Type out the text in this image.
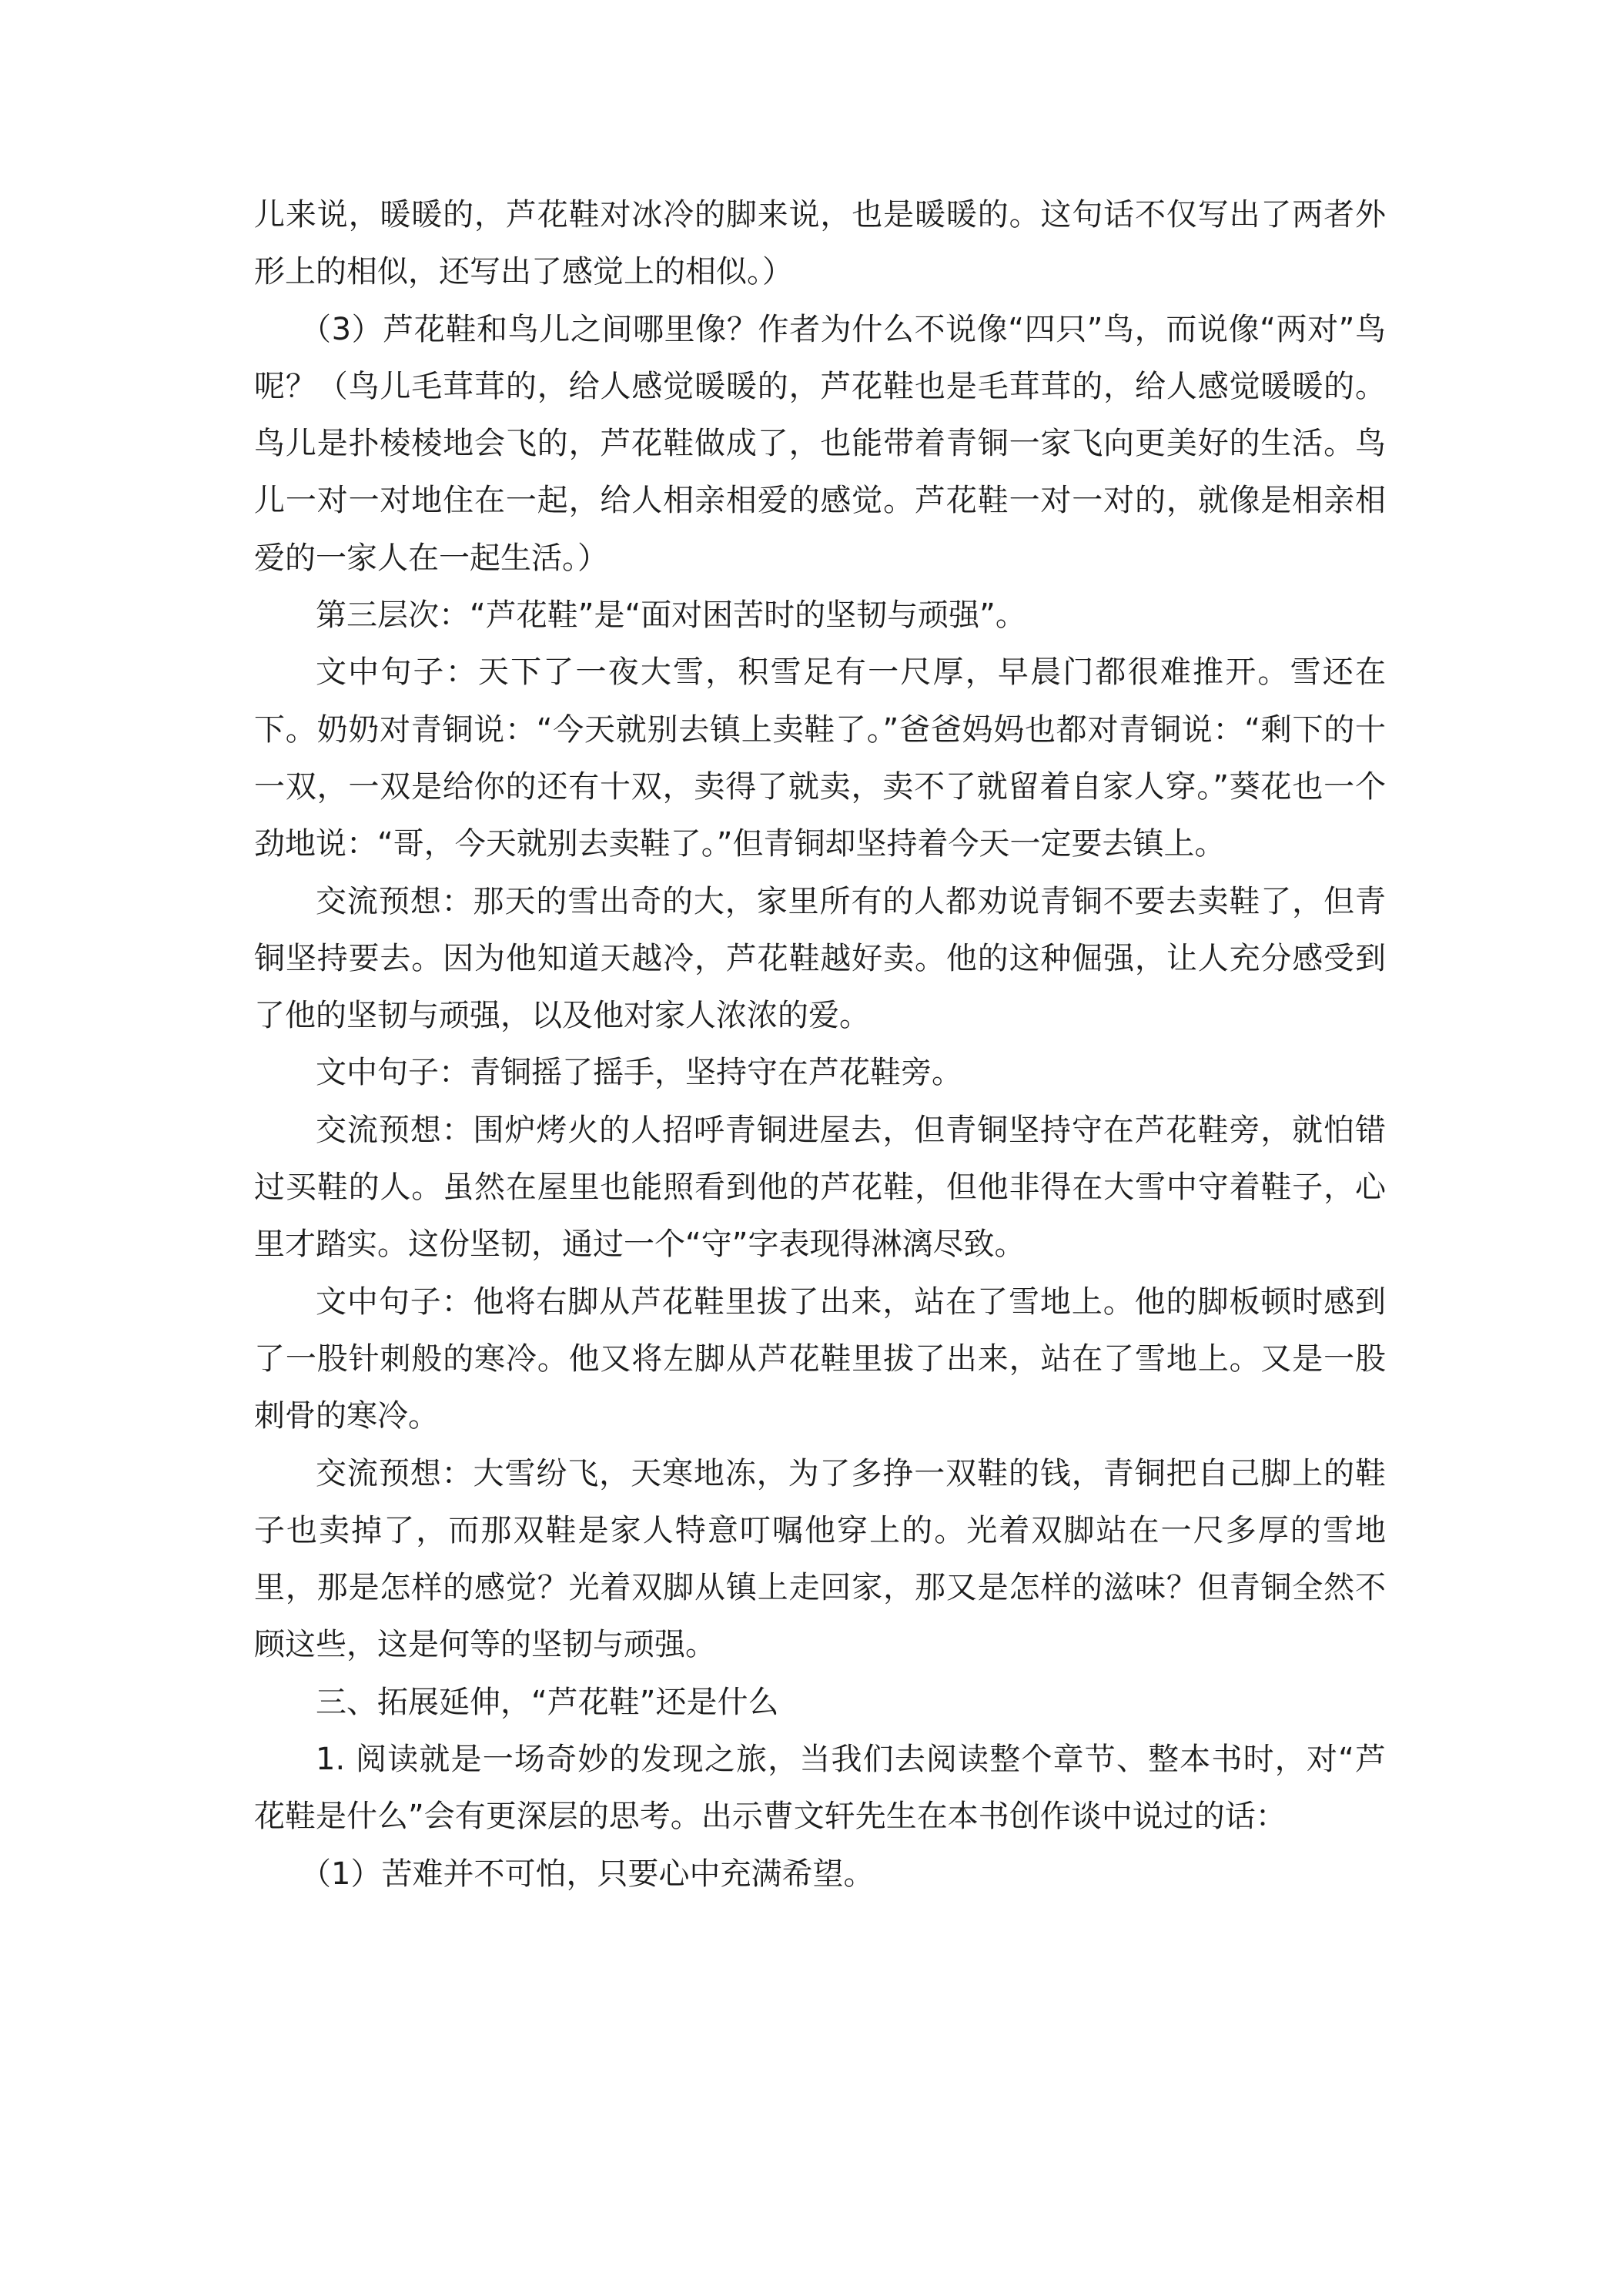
儿来说，暖暖的，芦花鞋对冰冷的脚来说，也是暖暖的。这句话不仅写出了两者外形上的相似，还写出了感觉上的相似。）

（3）芦花鞋和鸟儿之间哪里像？作者为什么不说像“四只”鸟，而说像“两对”鸟呢？（鸟儿毛茸茸的，给人感觉暖暖的，芦花鞋也是毛茸茸的，给人感觉暖暖的。鸟儿是扑棱棱地会飞的，芦花鞋做成了，也能带着青铜一家飞向更美好的生活。鸟儿一对一对地住在一起，给人相亲相爱的感觉。芦花鞋一对一对的，就像是相亲相爱的一家人在一起生活。）

第三层次：“芦花鞋”是“面对困苦时的坚韧与顽强”。

文中句子：天下了一夜大雪，积雪足有一尺厚，早晨门都很难推开。雪还在下。奶奶对青铜说：“今天就别去镇上卖鞋了。”爸爸妈妈也都对青铜说：“剩下的十一双，一双是给你的还有十双，卖得了就卖，卖不了就留着自家人穿。”葵花也一个劲地说：“哥，今天就别去卖鞋了。”但青铜却坚持着今天一定要去镇上。

交流预想：那天的雪出奇的大，家里所有的人都劝说青铜不要去卖鞋了，但青铜坚持要去。因为他知道天越冷，芦花鞋越好卖。他的这种倔强，让人充分感受到了他的坚韧与顽强，以及他对家人浓浓的爱。

文中句子：青铜摇了摇手，坚持守在芦花鞋旁。

交流预想：围炉烤火的人招呼青铜进屋去，但青铜坚持守在芦花鞋旁，就怕错过买鞋的人。虽然在屋里也能照看到他的芦花鞋，但他非得在大雪中守着鞋子，心里才踏实。这份坚韧，通过一个“守”字表现得淋漓尽致。

文中句子：他将右脚从芦花鞋里拔了出来，站在了雪地上。他的脚板顿时感到了一股针刺般的寒冷。他又将左脚从芦花鞋里拔了出来，站在了雪地上。又是一股刺骨的寒冷。

交流预想：大雪纷飞，天寒地冻，为了多挣一双鞋的钱，青铜把自己脚上的鞋子也卖掉了，而那双鞋是家人特意叮嘱他穿上的。光着双脚站在一尺多厚的雪地里，那是怎样的感觉？光着双脚从镇上走回家，那又是怎样的滋味？但青铜全然不顾这些，这是何等的坚韧与顽强。

三、拓展延伸，“芦花鞋”还是什么

1. 阅读就是一场奇妙的发现之旅，当我们去阅读整个章节、整本书时，对“芦花鞋是什么”会有更深层的思考。出示曹文轩先生在本书创作谈中说过的话：

（1）苦难并不可怕，只要心中充满希望。
